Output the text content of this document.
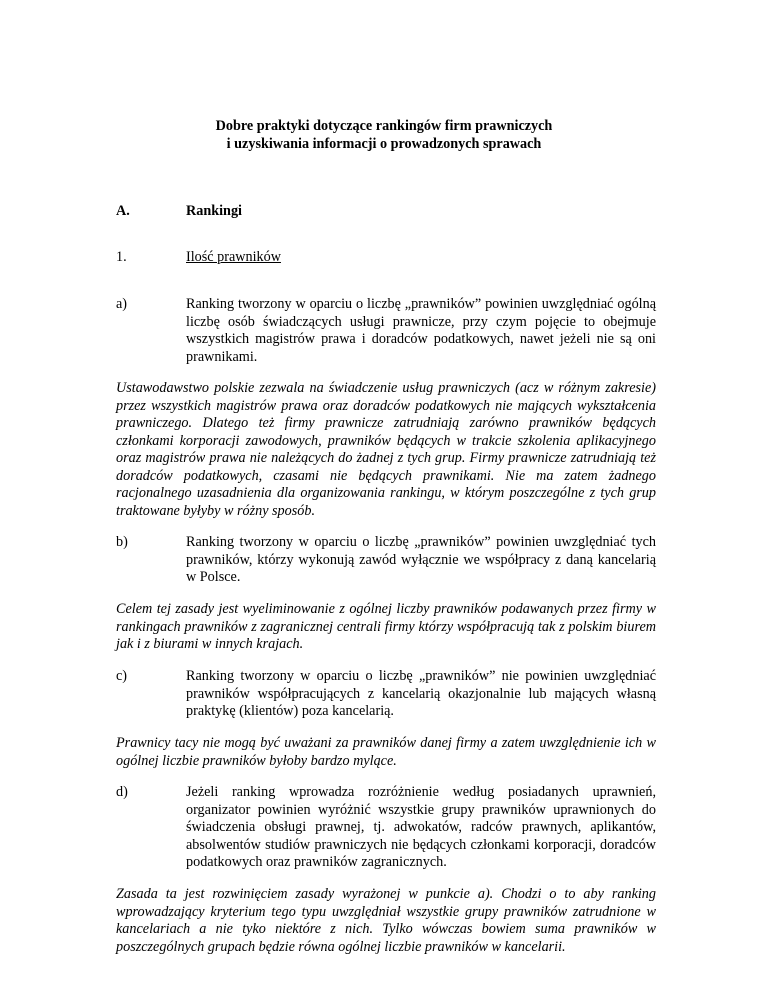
Dobre praktyki dotyczące rankingów firm prawniczych
i uzyskiwania informacji o prowadzonych sprawach
A.	Rankingi
1.	Ilość prawników
a)	Ranking tworzony w oparciu o liczbę „prawników” powinien uwzględniać ogólną liczbę osób świadczących usługi prawnicze, przy czym pojęcie to obejmuje wszystkich magistrów prawa i doradców podatkowych, nawet jeżeli nie są oni prawnikami.
Ustawodawstwo polskie zezwala na świadczenie usług prawniczych (acz w różnym zakresie) przez wszystkich magistrów prawa oraz doradców podatkowych nie mających wykształcenia prawniczego. Dlatego też firmy prawnicze zatrudniają zarówno prawników będących członkami korporacji zawodowych, prawników będących w trakcie szkolenia aplikacyjnego oraz magistrów prawa nie należących do żadnej z tych grup. Firmy prawnicze zatrudniają też doradców podatkowych, czasami nie będących prawnikami. Nie ma zatem żadnego racjonalnego uzasadnienia dla organizowania rankingu, w którym poszczególne z tych grup traktowane byłyby w różny sposób.
b)	Ranking tworzony w oparciu o liczbę „prawników” powinien uwzględniać tych prawników, którzy wykonują zawód wyłącznie we współpracy z daną kancelarią w Polsce.
Celem tej zasady jest wyeliminowanie z ogólnej liczby prawników podawanych przez firmy w rankingach prawników z zagranicznej centrali firmy którzy współpracują tak z polskim biurem jak i z biurami w innych krajach.
c)	Ranking tworzony w oparciu o liczbę „prawników” nie powinien uwzględniać prawników współpracujących z kancelarią okazjonalnie lub mających własną praktykę (klientów) poza kancelarią.
Prawnicy tacy nie mogą być uważani za prawników danej firmy a zatem uwzględnienie ich w ogólnej liczbie prawników byłoby bardzo mylące.
d)	Jeżeli ranking wprowadza rozróżnienie według posiadanych uprawnień, organizator powinien wyróżnić wszystkie grupy prawników uprawnionych do świadczenia obsługi prawnej, tj. adwokatów, radców prawnych, aplikantów, absolwentów studiów prawniczych nie będących członkami korporacji, doradców podatkowych oraz prawników zagranicznych.
Zasada ta jest rozwinięciem zasady wyrażonej w punkcie a). Chodzi o to aby ranking wprowadzający kryterium tego typu uwzględniał wszystkie grupy prawników zatrudnione w kancelariach a nie tyko niektóre z nich. Tylko wówczas bowiem suma prawników w poszczególnych grupach będzie równa ogólnej liczbie prawników w kancelarii.
